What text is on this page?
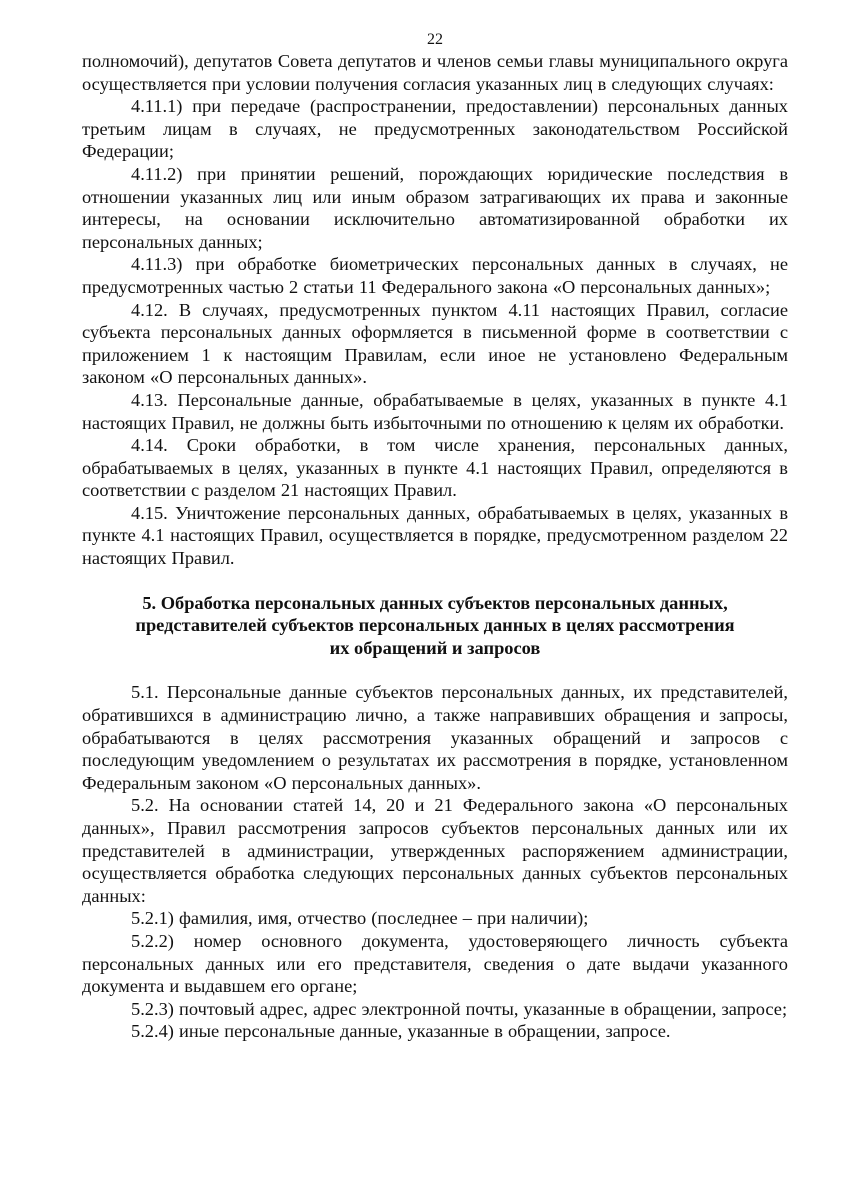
22

полномочий), депутатов Совета депутатов и членов семьи главы муниципального округа осуществляется при условии получения согласия указанных лиц в следующих случаях:

4.11.1) при передаче (распространении, предоставлении) персональных данных третьим лицам в случаях, не предусмотренных законодательством Российской Федерации;

4.11.2) при принятии решений, порождающих юридические последствия в отношении указанных лиц или иным образом затрагивающих их права и законные интересы, на основании исключительно автоматизированной обработки их персональных данных;

4.11.3) при обработке биометрических персональных данных в случаях, не предусмотренных частью 2 статьи 11 Федерального закона «О персональных данных»;

4.12. В случаях, предусмотренных пунктом 4.11 настоящих Правил, согласие субъекта персональных данных оформляется в письменной форме в соответствии с приложением 1 к настоящим Правилам, если иное не установлено Федеральным законом «О персональных данных».

4.13. Персональные данные, обрабатываемые в целях, указанных в пункте 4.1 настоящих Правил, не должны быть избыточными по отношению к целям их обработки.

4.14. Сроки обработки, в том числе хранения, персональных данных, обрабатываемых в целях, указанных в пункте 4.1 настоящих Правил, определяются в соответствии с разделом 21 настоящих Правил.

4.15. Уничтожение персональных данных, обрабатываемых в целях, указанных в пункте 4.1 настоящих Правил, осуществляется в порядке, предусмотренном разделом 22 настоящих Правил.

5. Обработка персональных данных субъектов персональных данных,
представителей субъектов персональных данных в целях рассмотрения
их обращений и запросов

5.1. Персональные данные субъектов персональных данных, их представителей, обратившихся в администрацию лично, а также направивших обращения и запросы, обрабатываются в целях рассмотрения указанных обращений и запросов с последующим уведомлением о результатах их рассмотрения в порядке, установленном Федеральным законом «О персональных данных».

5.2. На основании статей 14, 20 и 21 Федерального закона «О персональных данных», Правил рассмотрения запросов субъектов персональных данных или их представителей в администрации, утвержденных распоряжением администрации, осуществляется обработка следующих персональных данных субъектов персональных данных:

5.2.1) фамилия, имя, отчество (последнее – при наличии);

5.2.2) номер основного документа, удостоверяющего личность субъекта персональных данных или его представителя, сведения о дате выдачи указанного документа и выдавшем его органе;

5.2.3) почтовый адрес, адрес электронной почты, указанные в обращении, запросе;

5.2.4) иные персональные данные, указанные в обращении, запросе.
